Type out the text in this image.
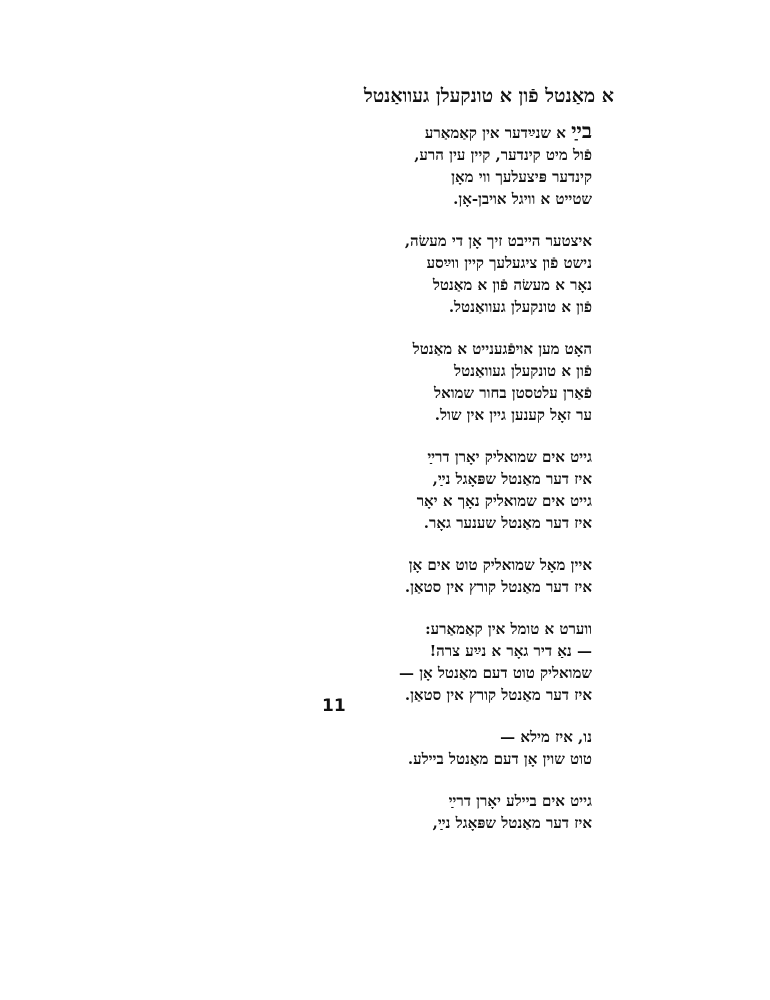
א מאַנטל פֿון א טונקעלן געוואַנטל
בײַ א שנײַדער אין קאַמאַרע
פֿול מיט קינדער, קיין עין הרע,
קינדער פּיצעלעך ווי מאָן
שטייט א וויגל אויבן-אָן.
איצטער הייבט זיך אָן די מעשׂה,
נישט פֿון ציגעלעך קיין ווײַסע
נאָר א מעשׂה פֿון א מאַנטל
פֿון א טונקעלן געוואַנטל.
האָט מען אויפֿגענייט א מאַנטל
פֿון א טונקעלן געוואַנטל
פֿאַרן עלטסטן בחור שמואל
ער זאָל קענען גיין אין שול.
גייט אים שמואליק יאָרן דרײַ
איז דער מאַנטל שפּאָגל נײַ,
גייט אים שמואליק נאָך א יאָר
איז דער מאַנטל שענער גאָר.
איין מאָל שמואליק טוט אים אָן
איז דער מאַנטל קורץ אין סטאַן.
ווערט א טומל אין קאַמאַרע:
— נאַ דיר גאָר א נײַע צרה!
שמואליק טוט דעם מאַנטל אָן —
איז דער מאַנטל קורץ אין סטאַן.
נו, איז מילא —
טוט שוין אָן דעם מאַנטל ביילע.
גייט אים ביילע יאָרן דרײַ
איז דער מאַנטל שפּאָגל נײַ,
11
